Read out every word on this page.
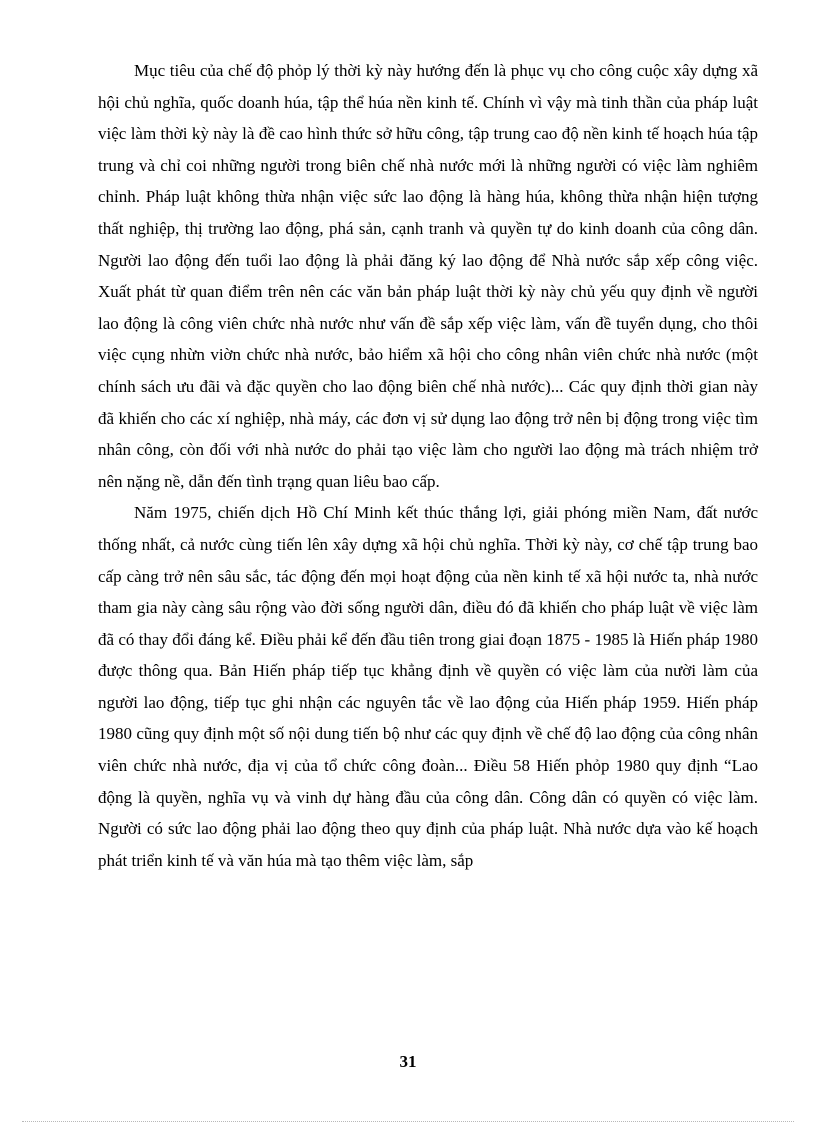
Mục tiêu của chế độ phỏp lý thời kỳ này hướng đến là phục vụ cho công cuộc xây dựng xã hội chủ nghĩa, quốc doanh húa, tập thể húa nền kinh tế. Chính vì vậy mà tinh thần của pháp luật việc làm thời kỳ này là đề cao hình thức sở hữu công, tập trung cao độ nền kinh tế hoạch húa tập trung và chỉ coi những người trong biên chế nhà nước mới là những người có việc làm nghiêm chỉnh. Pháp luật không thừa nhận việc sức lao động là hàng húa, không thừa nhận hiện tượng thất nghiệp, thị trường lao động, phá sản, cạnh tranh và quyền tự do kinh doanh của công dân. Người lao động đến tuổi lao động là phải đăng ký lao động để Nhà nước sắp xếp công việc. Xuất phát từ quan điểm trên nên các văn bản pháp luật thời kỳ này chủ yếu quy định về người lao động là công viên chức nhà nước như vấn đề sắp xếp việc làm, vấn đề tuyển dụng, cho thôi việc cụng nhừn viờn chức nhà nước, bảo hiểm xã hội cho công nhân viên chức nhà nước (một chính sách ưu đãi và đặc quyền cho lao động biên chế nhà nước)... Các quy định thời gian này đã khiến cho các xí nghiệp, nhà máy, các đơn vị sử dụng lao động trở nên bị động trong việc tìm nhân công, còn đối với nhà nước do phải tạo việc làm cho người lao động mà trách nhiệm trở nên nặng nề, dẫn đến tình trạng quan liêu bao cấp.

Năm 1975, chiến dịch Hồ Chí Minh kết thúc thắng lợi, giải phóng miền Nam, đất nước thống nhất, cả nước cùng tiến lên xây dựng xã hội chủ nghĩa. Thời kỳ này, cơ chế tập trung bao cấp càng trở nên sâu sắc, tác động đến mọi hoạt động của nền kinh tế xã hội nước ta, nhà nước tham gia này càng sâu rộng vào đời sống người dân, điều đó đã khiến cho pháp luật về việc làm đã có thay đổi đáng kể. Điều phải kể đến đầu tiên trong giai đoạn 1875 - 1985 là Hiến pháp 1980 được thông qua. Bản Hiến pháp tiếp tục khẳng định về quyền có việc làm của nười làm của người lao động, tiếp tục ghi nhận các nguyên tắc về lao động của Hiến pháp 1959. Hiến pháp 1980 cũng quy định một số nội dung tiến bộ như các quy định về chế độ lao động của công nhân viên chức nhà nước, địa vị của tổ chức công đoàn... Điều 58 Hiến phỏp 1980 quy định “Lao động là quyền, nghĩa vụ và vinh dự hàng đầu của công dân. Công dân có quyền có việc làm. Người có sức lao động phải lao động theo quy định của pháp luật. Nhà nước dựa vào kế hoạch phát triển kinh tế và văn húa mà tạo thêm việc làm, sắp

31
